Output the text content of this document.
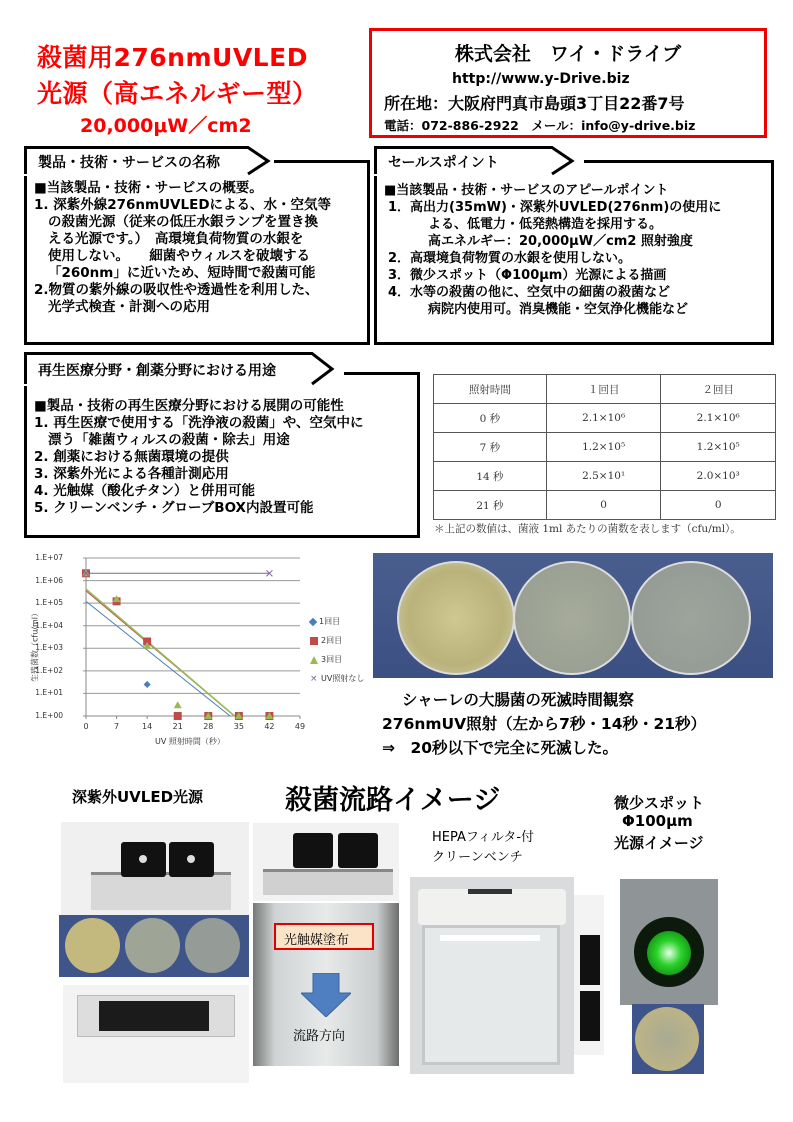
殺菌用276nmUVLED
光源（高エネルギー型）
20,000μW／cm2
株式会社　ワイ・ドライブ
http://www.y-Drive.biz
所在地：大阪府門真市島頭3丁目22番7号
電話：072-886-2922　メール：info@y-drive.biz
製品・技術・サービスの名称
■当該製品・技術・サービスの概要。
1. 深紫外線276nmUVLEDによる、水・空気等
の殺菌光源（従来の低圧水銀ランプを置き換
える光源です。）　高環境負荷物質の水銀を
使用しない。　　細菌やウィルスを破壊する
「260nm」に近いため、短時間で殺菌可能
2.物質の紫外線の吸収性や透過性を利用した、
光学式検査・計測への応用
セールスポイント
■当該製品・技術・サービスのアピールポイント
1．高出力(35mW)・深紫外UVLED(276nm)の使用に
よる、低電力・低発熱構造を採用する。
高エネルギー：20,000μW／cm2 照射強度
2．高環境負荷物質の水銀を使用しない。
3．微少スポット（Φ100μm）光源による描画
4．水等の殺菌の他に、空気中の細菌の殺菌など
病院内使用可。消臭機能・空気浄化機能など
再生医療分野・創薬分野における用途
■製品・技術の再生医療分野における展開の可能性
1. 再生医療で使用する「洗浄液の殺菌」や、空気中に
漂う「雑菌ウィルスの殺菌・除去」用途
2. 創薬における無菌環境の提供
3. 深紫外光による各種計測応用
4. 光触媒（酸化チタン）と併用可能
5. クリーンベンチ・グローブBOX内設置可能
照射時間	１回目	２回目
0 秒	2.1×10⁶	2.1×10⁶
7 秒	1.2×10⁵	1.2×10⁵
14 秒	2.5×10¹	2.0×10³
21 秒	0	0
＊上記の数値は、菌液 1ml あたりの菌数を表します（cfu/ml）。
1.E+00
1.E+01
1.E+02
1.E+03
1.E+04
1.E+05
1.E+06
1.E+07
0	7	14	21	28	35	42	49
生残菌数（cfu/ml）
UV 照射時間（秒）
1回目
2回目
3回目
× UV照射なし
シャーレの大腸菌の死滅時間観察
276nmUV照射（左から7秒・14秒・21秒）
⇒　20秒以下で完全に死滅した。
深紫外UVLED光源	殺菌流路イメージ
HEPAフィルタ-付
クリーンベンチ
微少スポット
Φ100μm
光源イメージ
光触媒塗布
流路方向
